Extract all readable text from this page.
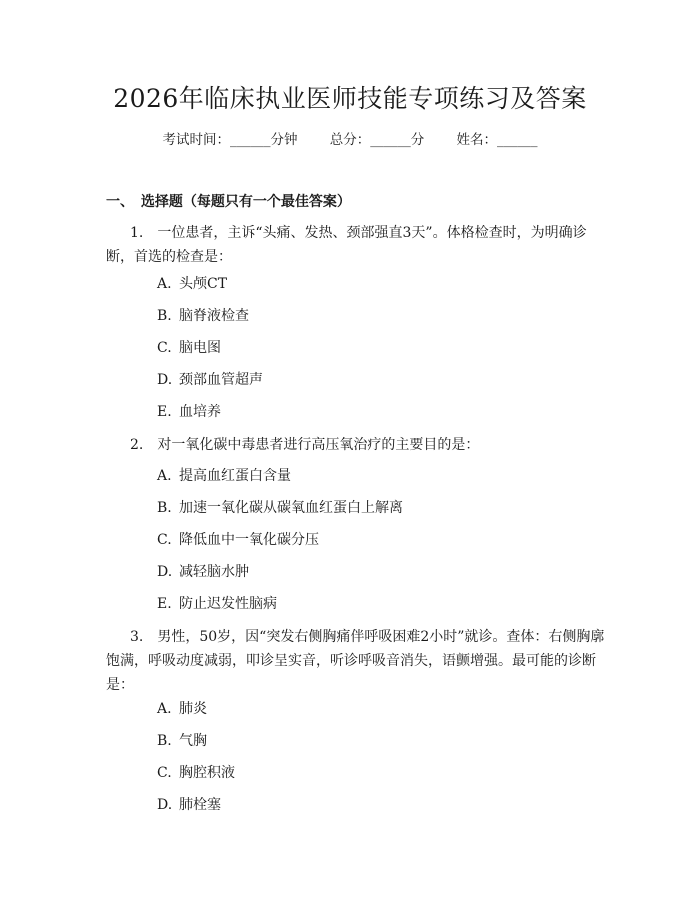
2026年临床执业医师技能专项练习及答案
考试时间：______分钟 总分：______分 姓名：______
一、 选择题（每题只有一个最佳答案）
1.　一位患者，主诉“头痛、发热、颈部强直3天”。体格检查时，为明确诊断，首选的检查是：
A. 头颅CT
B. 脑脊液检查
C. 脑电图
D. 颈部血管超声
E. 血培养
2.　对一氧化碳中毒患者进行高压氧治疗的主要目的是：
A. 提高血红蛋白含量
B. 加速一氧化碳从碳氧血红蛋白上解离
C. 降低血中一氧化碳分压
D. 减轻脑水肿
E. 防止迟发性脑病
3.　男性，50岁，因“突发右侧胸痛伴呼吸困难2小时”就诊。查体：右侧胸廓饱满，呼吸动度减弱，叩诊呈实音，听诊呼吸音消失，语颤增强。最可能的诊断是：
A. 肺炎
B. 气胸
C. 胸腔积液
D. 肺栓塞
